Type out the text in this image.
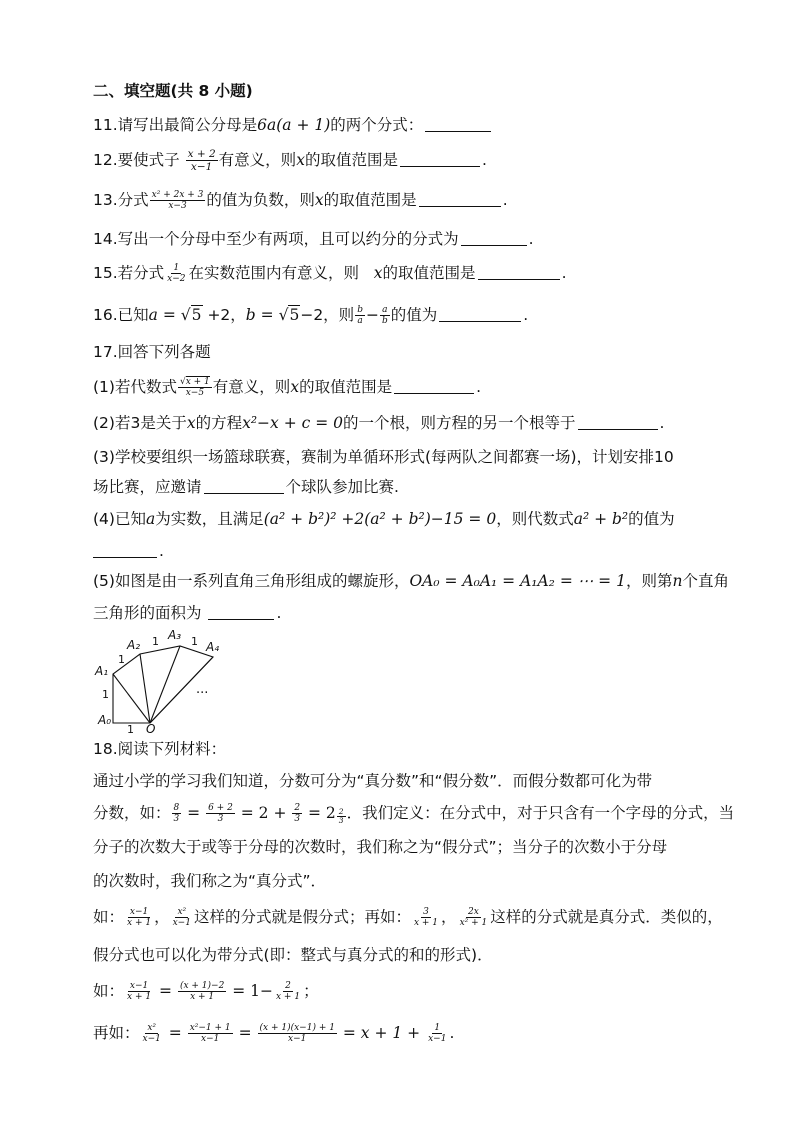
二、填空题(共 8 小题)
11.请写出最简公分母是6a(a + 1)的两个分式：
12.要使式子 $\frac{x + 2}{x-1}$ 有意义，则x的取值范围是	.
13.分式 $\frac{\text{x² + 2x + 3}}{x-3}$ 的值为负数，则x的取值范围是	.
14.写出一个分母中至少有两项，且可以约分的分式为	.
15.若分式 $\frac{1}{x-2}$ 在实数范围内有意义，则 x的取值范围是	.
16.已知a = √5 +2，b = √5−2，则 $\frac{b}{a} - \frac{a}{b}$ 的值为	.
17.回答下列各题
(1)若代数式 $\frac{√x + 1}{x-5}$ 有意义，则x的取值范围是	.
(2)若3是关于x的方程x²−x + c = 0的一个根，则方程的另一个根等于	.
(3)学校要组织一场篮球联赛，赛制为单循环形式(每两队之间都赛一场)，计划安排10
场比赛，应邀请	个球队参加比赛.
(4)已知a为实数，且满足(a² + b²)² +2(a² + b²)−15 = 0，则代数式a² + b²的值为
.
(5)如图是由一系列直角三角形组成的螺旋形，OA₀ = A₀A₁ = A₁A₂ = ⋯ = 1，则第n个直角
三角形的面积为	.
A₀
A₁
A₂
A₃
A₄
O
1
1
1
1	1
···
18.阅读下列材料：
通过小学的学习我们知道，分数可分为“真分数”和“假分数”．而假分数都可化为带
分数，如： $\frac{8}{3} = \frac{6 + 2}{3} = 2 + \frac{2}{3} = 2 \frac{2}{3}$ ．我们定义：在分式中，对于只含有一个字母的分式，当
分子的次数大于或等于分母的次数时，我们称之为“假分式”；当分子的次数小于分母
的次数时，我们称之为“真分式”．
如： $\frac{x-1}{x + 1}$ ， $\frac{\text{x²}}{x-1}$ 这样的分式就是假分式；再如： $\frac{3}{x + 1}$ ， $\frac{2x}{\text{x² + 1}}$ 这样的分式就是真分式．类似的，
假分式也可以化为带分式(即：整式与真分式的和的形式)．
如： $\frac{x-1}{x + 1} = \frac{(x + 1)-2}{x + 1} = 1- \frac{2}{x + 1}$ ；
再如： $\frac{\text{x²}}{x-1} = \frac{\text{x²−1 + 1}}{x-1} = \frac{(x + 1)(x-1) + 1}{x-1} = x + 1 + \frac{1}{x-1}$ .
